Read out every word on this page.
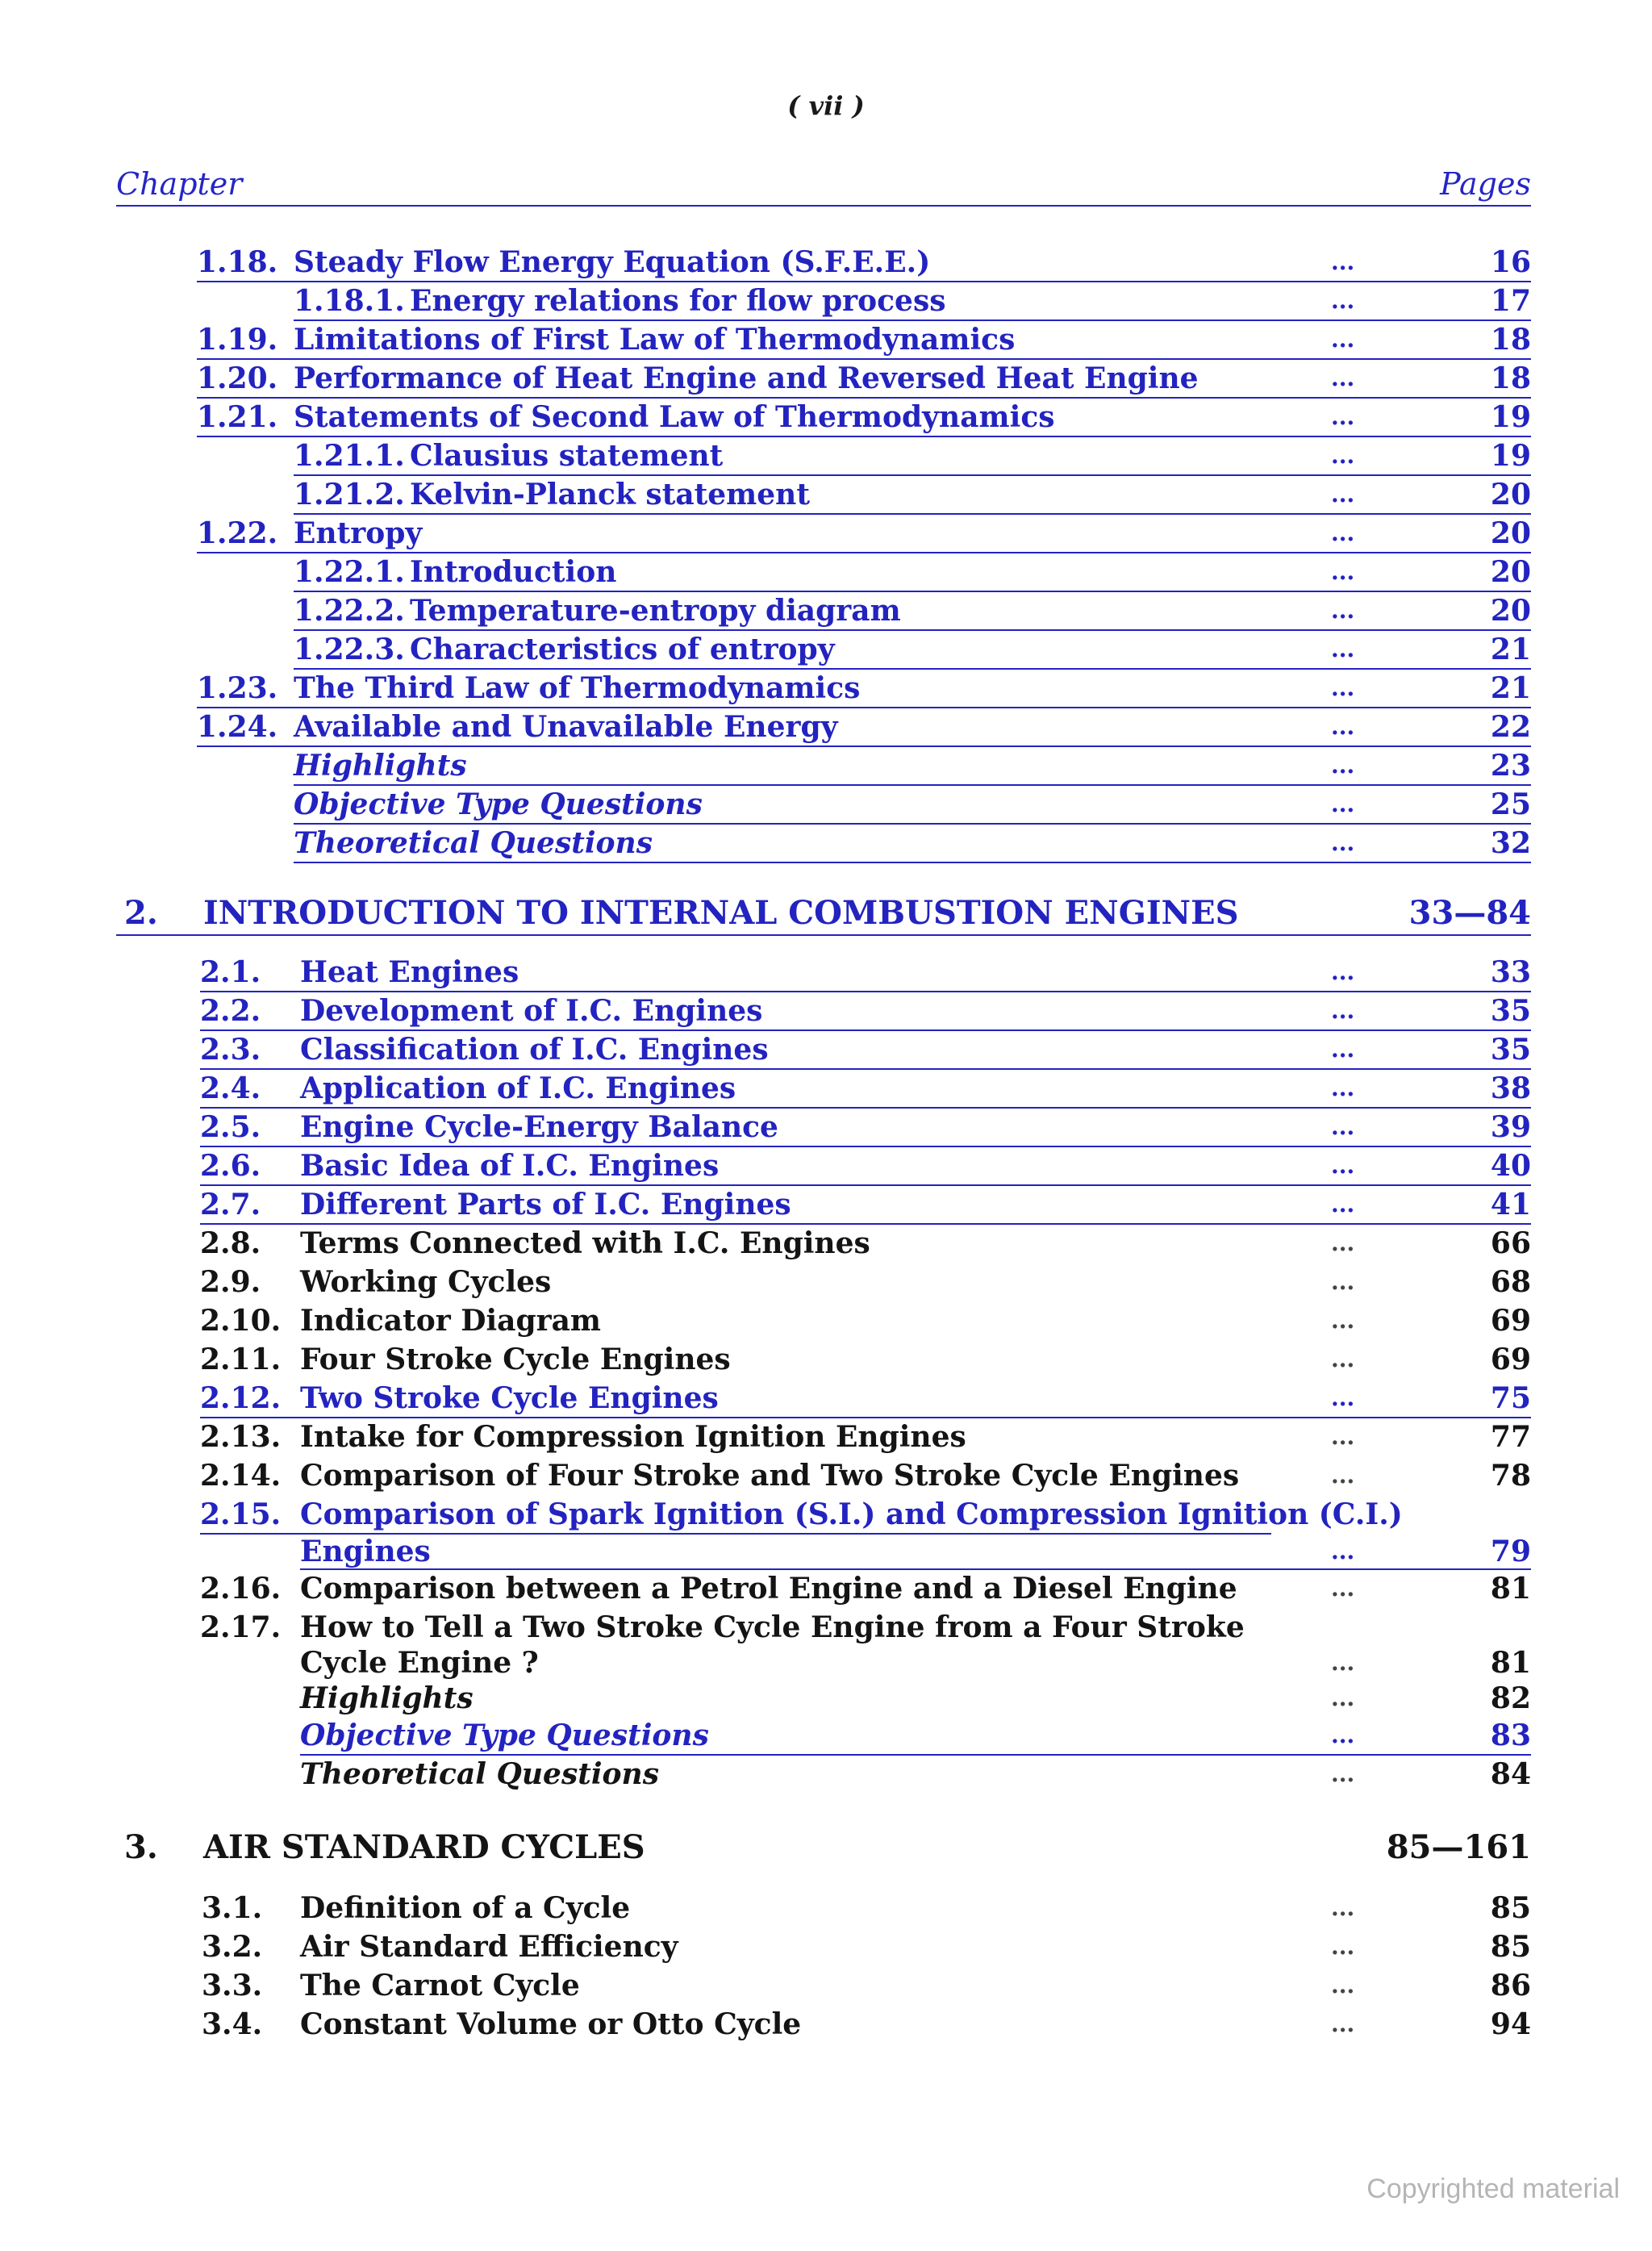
( vii )
Chapter	Pages
1.18. Steady Flow Energy Equation (S.F.E.E.)	...	16
1.18.1. Energy relations for flow process	...	17
1.19. Limitations of First Law of Thermodynamics	...	18
1.20. Performance of Heat Engine and Reversed Heat Engine	...	18
1.21. Statements of Second Law of Thermodynamics	...	19
1.21.1. Clausius statement	...	19
1.21.2. Kelvin-Planck statement	...	20
1.22. Entropy	...	20
1.22.1. Introduction	...	20
1.22.2. Temperature-entropy diagram	...	20
1.22.3. Characteristics of entropy	...	21
1.23. The Third Law of Thermodynamics	...	21
1.24. Available and Unavailable Energy	...	22
Highlights	...	23
Objective Type Questions	...	25
Theoretical Questions	...	32
2. INTRODUCTION TO INTERNAL COMBUSTION ENGINES	33—84
2.1. Heat Engines	...	33
2.2. Development of I.C. Engines	...	35
2.3. Classification of I.C. Engines	...	35
2.4. Application of I.C. Engines	...	38
2.5. Engine Cycle-Energy Balance	...	39
2.6. Basic Idea of I.C. Engines	...	40
2.7. Different Parts of I.C. Engines	...	41
2.8. Terms Connected with I.C. Engines	...	66
2.9. Working Cycles	...	68
2.10. Indicator Diagram	...	69
2.11. Four Stroke Cycle Engines	...	69
2.12. Two Stroke Cycle Engines	...	75
2.13. Intake for Compression Ignition Engines	...	77
2.14. Comparison of Four Stroke and Two Stroke Cycle Engines	...	78
2.15. Comparison of Spark Ignition (S.I.) and Compression Ignition (C.I.)
Engines	...	79
2.16. Comparison between a Petrol Engine and a Diesel Engine	...	81
2.17. How to Tell a Two Stroke Cycle Engine from a Four Stroke
Cycle Engine ?	...	81
Highlights	...	82
Objective Type Questions	...	83
Theoretical Questions	...	84
3. AIR STANDARD CYCLES	85—161
3.1. Definition of a Cycle	...	85
3.2. Air Standard Efficiency	...	85
3.3. The Carnot Cycle	...	86
3.4. Constant Volume or Otto Cycle	...	94
Copyrighted material
